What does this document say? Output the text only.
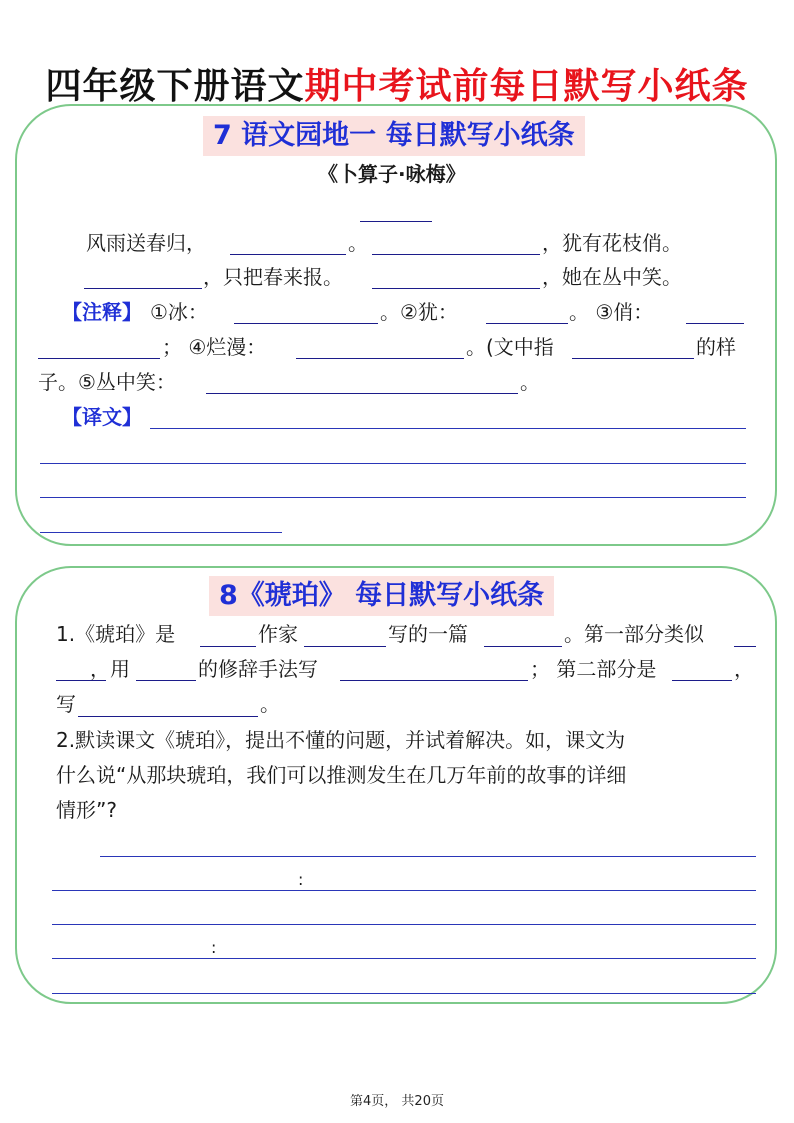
四年级下册语文期中考试前每日默写小纸条
7 语文园地一 每日默写小纸条
《卜算子·咏梅》
风雨送春归，	。	，犹有花枝俏。
，只把春来报。	，她在丛中笑。
【注释】 ①冰：	。②犹：	。 ③俏：
； ④烂漫：	。(文中指	的样
子。⑤丛中笑：	。
【译文】
8《琥珀》 每日默写小纸条
1.《琥珀》是	作家	写的一篇	。第一部分类似
，用	的修辞手法写	； 第二部分是	，
写	。
2.默读课文《琥珀》，提出不懂的问题，并试着解决。如，课文为
什么说“从那块琥珀，我们可以推测发生在几万年前的故事的详细
情形”?
:
:
第4页， 共20页
